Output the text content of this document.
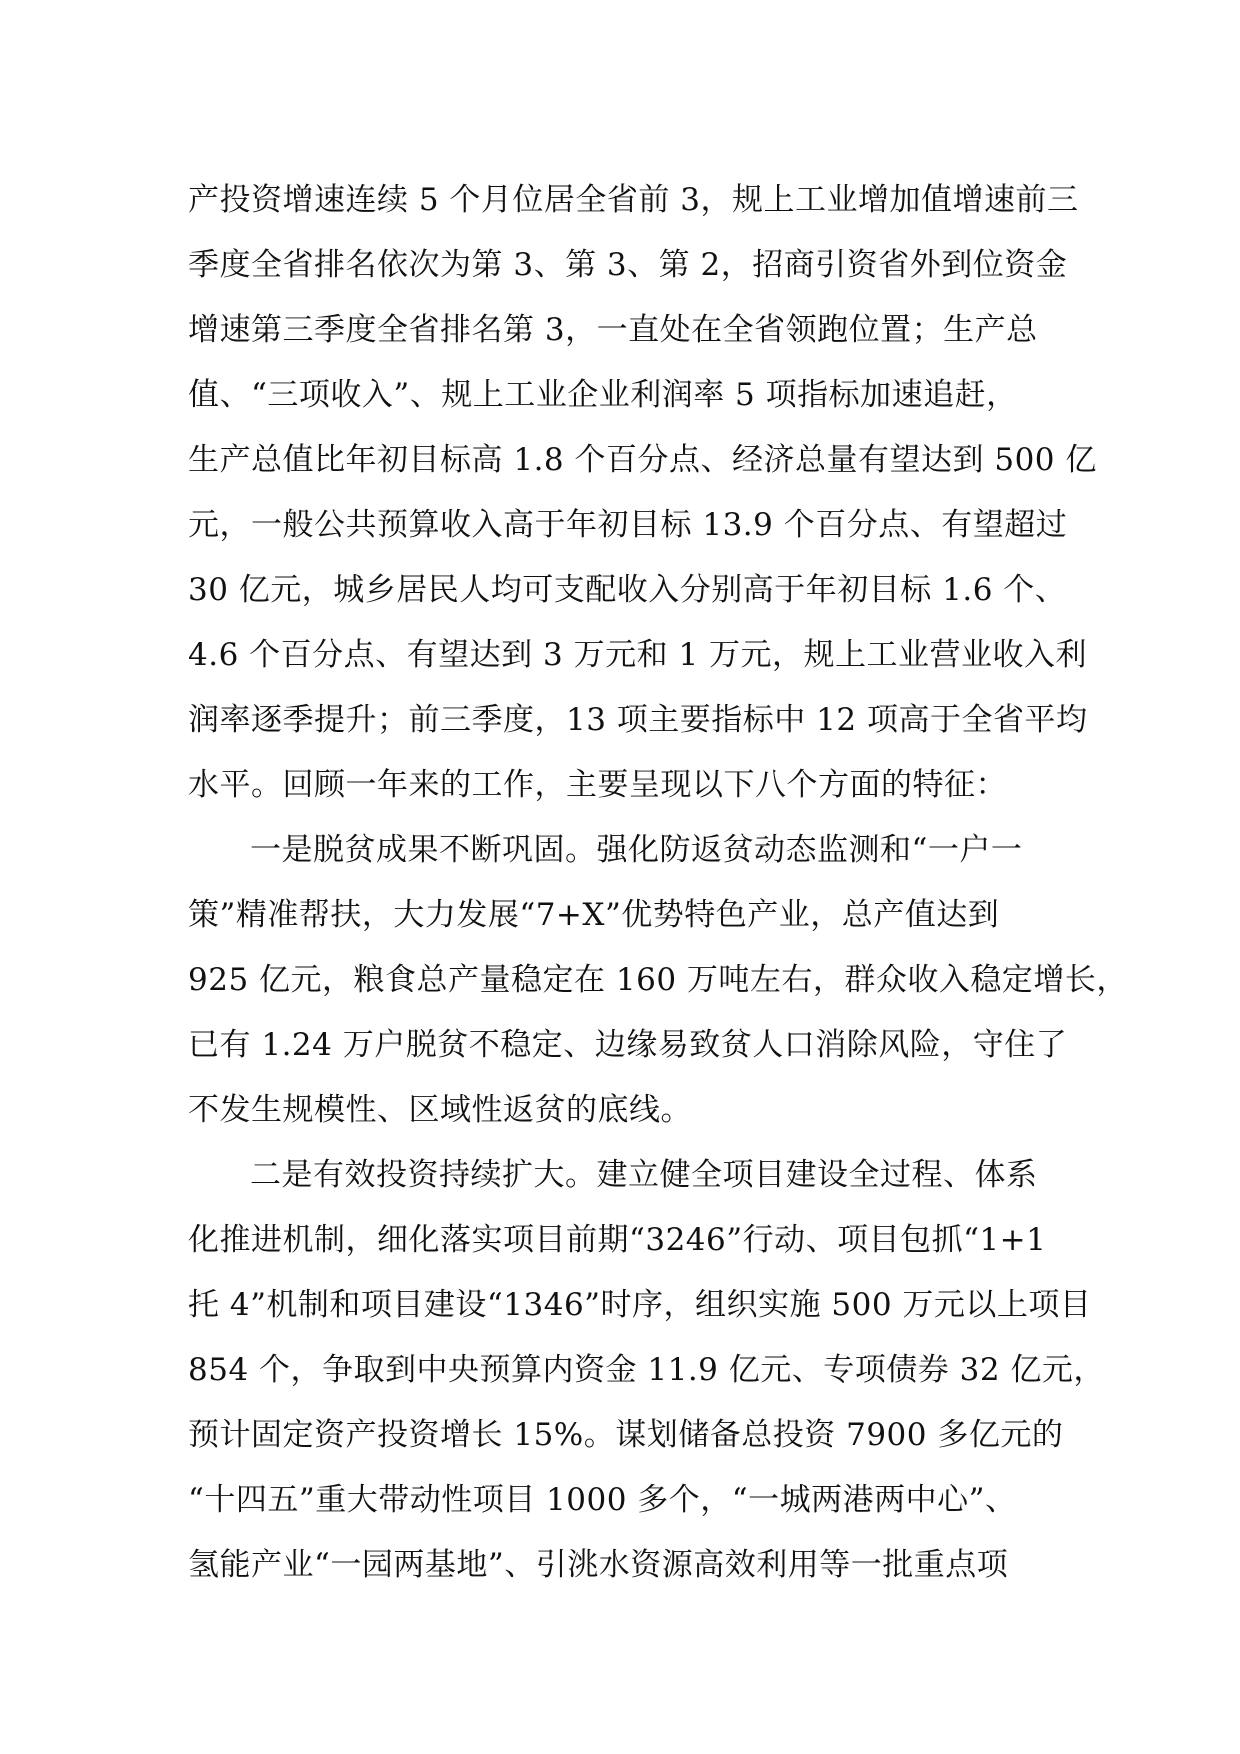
产投资增速连续 5 个月位居全省前 3，规上工业增加值增速前三
季度全省排名依次为第 3、第 3、第 2，招商引资省外到位资金
增速第三季度全省排名第 3，一直处在全省领跑位置；生产总
值、“三项收入”、规上工业企业利润率 5 项指标加速追赶，
生产总值比年初目标高 1.8 个百分点、经济总量有望达到 500 亿
元，一般公共预算收入高于年初目标 13.9 个百分点、有望超过
30 亿元，城乡居民人均可支配收入分别高于年初目标 1.6 个、
4.6 个百分点、有望达到 3 万元和 1 万元，规上工业营业收入利
润率逐季提升；前三季度，13 项主要指标中 12 项高于全省平均
水平。回顾一年来的工作，主要呈现以下八个方面的特征：
一是脱贫成果不断巩固。强化防返贫动态监测和“一户一
策”精准帮扶，大力发展“7+X”优势特色产业，总产值达到
925 亿元，粮食总产量稳定在 160 万吨左右，群众收入稳定增长，
已有 1.24 万户脱贫不稳定、边缘易致贫人口消除风险，守住了
不发生规模性、区域性返贫的底线。
二是有效投资持续扩大。建立健全项目建设全过程、体系
化推进机制，细化落实项目前期“3246”行动、项目包抓“1+1
托 4”机制和项目建设“1346”时序，组织实施 500 万元以上项目
854 个，争取到中央预算内资金 11.9 亿元、专项债券 32 亿元，
预计固定资产投资增长 15%。谋划储备总投资 7900 多亿元的
“十四五”重大带动性项目 1000 多个，“一城两港两中心”、
氢能产业“一园两基地”、引洮水资源高效利用等一批重点项
